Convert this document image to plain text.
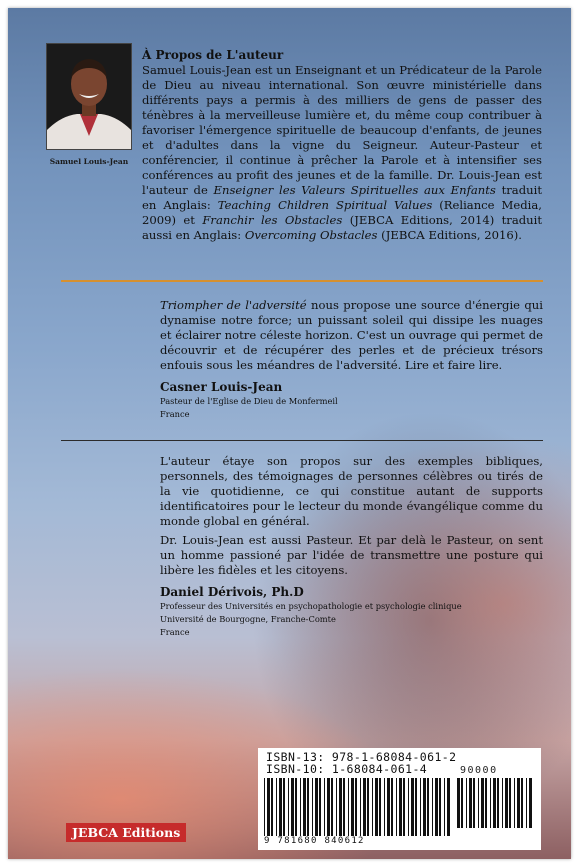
Samuel Louis-Jean
À Propos de L'auteur

Samuel Louis-Jean est un Enseignant et un Prédicateur de la Parole de Dieu au niveau international. Son œuvre ministérielle dans différents pays a permis à des milliers de gens de passer des ténèbres à la merveilleuse lumière et, du même coup contribuer à favoriser l'émergence spirituelle de beaucoup d'enfants, de jeunes et d'adultes dans la vigne du Seigneur. Auteur-Pasteur et conférencier, il continue à prêcher la Parole et à intensifier ses conférences au profit des jeunes et de la famille. Dr. Louis-Jean est l'auteur de Enseigner les Valeurs Spirituelles aux Enfants traduit en Anglais: Teaching Children Spiritual Values (Reliance Media, 2009) et Franchir les Obstacles (JEBCA Editions, 2014) traduit aussi en Anglais: Overcoming Obstacles (JEBCA Editions, 2016).

Triompher de l'adversité nous propose une source d'énergie qui dynamise notre force; un puissant soleil qui dissipe les nuages et éclairer notre céleste horizon. C'est un ouvrage qui permet de découvrir et de récupérer des perles et de précieux trésors enfouis sous les méandres de l'adversité. Lire et faire lire.

Casner Louis-Jean
Pasteur de l'Eglise de Dieu de Monfermeil
France

L'auteur étaye son propos sur des exemples bibliques, personnels, des témoignages de personnes célèbres ou tirés de la vie quotidienne, ce qui constitue autant de supports identificatoires pour le lecteur du monde évangélique comme du monde global en général.

Dr. Louis-Jean est aussi Pasteur. Et par delà le Pasteur, on sent un homme passioné par l'idée de transmettre une posture qui libère les fidèles et les citoyens.

Daniel Dérivois, Ph.D
Professeur des Universités en psychopathologie et psychologie clinique
Université de Bourgogne, Franche-Comte
France
ISBN-13: 978-1-68084-061-2
ISBN-10: 1-68084-061-4	90000
9 781680 840612
JEBCA Editions
